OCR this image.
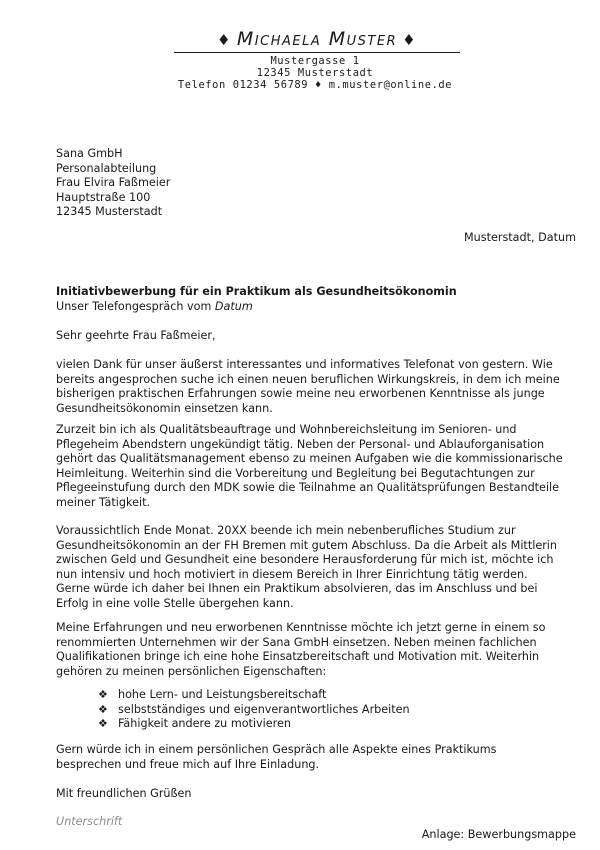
♦ Michaela Muster ♦
Mustergasse 1
12345 Musterstadt
Telefon 01234 56789 ♦ m.muster@online.de
Sana GmbH
Personalabteilung
Frau Elvira Faßmeier
Hauptstraße 100
12345 Musterstadt
Musterstadt, Datum
Initiativbewerbung für ein Praktikum als Gesundheitsökonomin
Unser Telefongespräch vom Datum
Sehr geehrte Frau Faßmeier,
vielen Dank für unser äußerst interessantes und informatives Telefonat von gestern. Wie
bereits angesprochen suche ich einen neuen beruflichen Wirkungskreis, in dem ich meine
bisherigen praktischen Erfahrungen sowie meine neu erworbenen Kenntnisse als junge
Gesundheitsökonomin einsetzen kann.
Zurzeit bin ich als Qualitätsbeauftrage und Wohnbereichsleitung im Senioren- und
Pflegeheim Abendstern ungekündigt tätig. Neben der Personal- und Ablauforganisation
gehört das Qualitätsmanagement ebenso zu meinen Aufgaben wie die kommissionarische
Heimleitung. Weiterhin sind die Vorbereitung und Begleitung bei Begutachtungen zur
Pflegeeinstufung durch den MDK sowie die Teilnahme an Qualitätsprüfungen Bestandteile
meiner Tätigkeit.
Voraussichtlich Ende Monat. 20XX beende ich mein nebenberufliches Studium zur
Gesundheitsökonomin an der FH Bremen mit gutem Abschluss. Da die Arbeit als Mittlerin
zwischen Geld und Gesundheit eine besondere Herausforderung für mich ist, möchte ich
nun intensiv und hoch motiviert in diesem Bereich in Ihrer Einrichtung tätig werden.
Gerne würde ich daher bei Ihnen ein Praktikum absolvieren, das im Anschluss und bei
Erfolg in eine volle Stelle übergehen kann.
Meine Erfahrungen und neu erworbenen Kenntnisse möchte ich jetzt gerne in einem so
renommierten Unternehmen wir der Sana GmbH einsetzen. Neben meinen fachlichen
Qualifikationen bringe ich eine hohe Einsatzbereitschaft und Motivation mit. Weiterhin
gehören zu meinen persönlichen Eigenschaften:
❖ hohe Lern- und Leistungsbereitschaft
❖ selbstständiges und eigenverantwortliches Arbeiten
❖ Fähigkeit andere zu motivieren
Gern würde ich in einem persönlichen Gespräch alle Aspekte eines Praktikums
besprechen und freue mich auf Ihre Einladung.
Mit freundlichen Grüßen
Unterschrift
Anlage: Bewerbungsmappe
